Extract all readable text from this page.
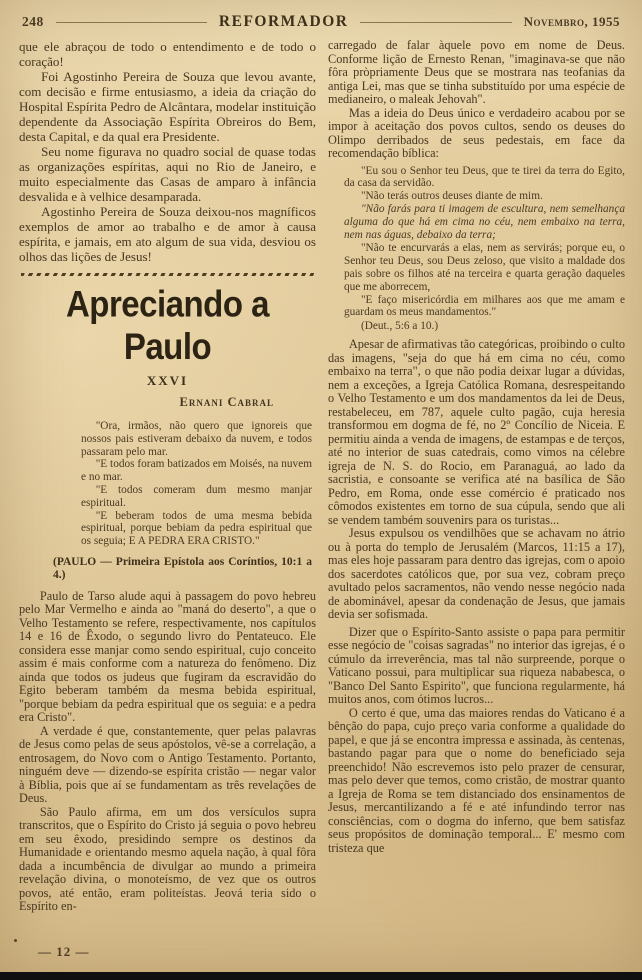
248	REFORMADOR	Novembro, 1955

que ele abraçou de todo o entendimento e de todo o coração!

Foi Agostinho Pereira de Souza que levou avante, com decisão e firme entusiasmo, a ideia da criação do Hospital Espírita Pedro de Alcântara, modelar instituição dependente da Associação Espírita Obreiros do Bem, desta Capital, e da qual era Presidente.

Seu nome figurava no quadro social de quase todas as organizações espíritas, aqui no Rio de Janeiro, e muito especialmente das Casas de amparo à infância desvalida e à velhice desamparada.

Agostinho Pereira de Souza deixou-nos magníficos exemplos de amor ao trabalho e de amor à causa espírita, e jamais, em ato algum de sua vida, desviou os olhos das lições de Jesus!

Apreciando a Paulo
XXVI
Ernani Cabral

"Ora, irmãos, não quero que ignoreis que nossos pais estiveram debaixo da nuvem, e todos passaram pelo mar.

"E todos foram batizados em Moisés, na nuvem e no mar.

"E todos comeram dum mesmo manjar espiritual.

"E beberam todos de uma mesma bebida espiritual, porque bebiam da pedra espiritual que os seguia; E A PEDRA ERA CRISTO."

(PAULO — Primeira Epístola aos Coríntios, 10:1 a 4.)

Paulo de Tarso alude aqui à passagem do povo hebreu pelo Mar Vermelho e ainda ao "maná do deserto", a que o Velho Testamento se refere, respectivamente, nos capítulos 14 e 16 de Êxodo, o segundo livro do Pentateuco. Ele considera esse manjar como sendo espiritual, cujo conceito assim é mais conforme com a natureza do fenômeno. Diz ainda que todos os judeus que fugiram da escravidão do Egito beberam também da mesma bebida espiritual, "porque bebiam da pedra espiritual que os seguia: e a pedra era Cristo".

A verdade é que, constantemente, quer pelas palavras de Jesus como pelas de seus apóstolos, vê-se a correlação, a entrosagem, do Novo com o Antigo Testamento. Portanto, ninguém deve — dizendo-se espírita cristão — negar valor à Bíblia, pois que aí se fundamentam as três revelações de Deus.

São Paulo afirma, em um dos versículos supra transcritos, que o Espírito do Cristo já seguia o povo hebreu em seu êxodo, presidindo sempre os destinos da Humanidade e orientando mesmo aquela nação, à qual fôra dada a incumbência de divulgar ao mundo a primeira revelação divina, o monoteísmo, de vez que os outros povos, até então, eram politeístas. Jeová teria sido o Espírito en-

carregado de falar àquele povo em nome de Deus. Conforme lição de Ernesto Renan, "imaginava-se que não fôra pròpriamente Deus que se mostrara nas teofanias da antiga Lei, mas que se tinha substituído por uma espécie de medianeiro, o maleak Jehovah".

Mas a ideia do Deus único e verdadeiro acabou por se impor à aceitação dos povos cultos, sendo os deuses do Olimpo derribados de seus pedestais, em face da recomendação bíblica:

"Eu sou o Senhor teu Deus, que te tirei da terra do Egito, da casa da servidão.

"Não terás outros deuses diante de mim.

"Não farás para ti imagem de escultura, nem semelhança alguma do que há em cima no céu, nem embaixo na terra, nem nas águas, debaixo da terra;

"Não te encurvarás a elas, nem as servirás; porque eu, o Senhor teu Deus, sou Deus zeloso, que visito a maldade dos pais sobre os filhos até na terceira e quarta geração daqueles que me aborrecem,

"E faço misericórdia em milhares aos que me amam e guardam os meus mandamentos."

(Deut., 5:6 a 10.)

Apesar de afirmativas tão categóricas, proibindo o culto das imagens, "seja do que há em cima no céu, como embaixo na terra", o que não podia deixar lugar a dúvidas, nem a exceções, a Igreja Católica Romana, desrespeitando o Velho Testamento e um dos mandamentos da lei de Deus, restabeleceu, em 787, aquele culto pagão, cuja heresia transformou em dogma de fé, no 2º Concílio de Niceia. E permitiu ainda a venda de imagens, de estampas e de terços, até no interior de suas catedrais, como vimos na célebre igreja de N. S. do Rocio, em Paranaguá, ao lado da sacristia, e consoante se verifica até na basílica de São Pedro, em Roma, onde esse comércio é praticado nos cômodos existentes em torno de sua cúpula, sendo que ali se vendem também souvenirs para os turistas...

Jesus expulsou os vendilhões que se achavam no átrio ou à porta do templo de Jerusalém (Marcos, 11:15 a 17), mas eles hoje passaram para dentro das igrejas, com o apoio dos sacerdotes católicos que, por sua vez, cobram preço avultado pelos sacramentos, não vendo nesse negócio nada de abominável, apesar da condenação de Jesus, que jamais devia ser sofismada.

Dizer que o Espírito-Santo assiste o papa para permitir esse negócio de "coisas sagradas" no interior das igrejas, é o cúmulo da irreverência, mas tal não surpreende, porque o Vaticano possui, para multiplicar sua riqueza nababesca, o "Banco Del Santo Espirito", que funciona regularmente, há muitos anos, com ótimos lucros...

O certo é que, uma das maiores rendas do Vaticano é a bênção do papa, cujo preço varia conforme a qualidade do papel, e que já se encontra impressa e assinada, às centenas, bastando pagar para que o nome do beneficiado seja preenchido! Não escrevemos isto pelo prazer de censurar, mas pelo dever que temos, como cristão, de mostrar quanto a Igreja de Roma se tem distanciado dos ensinamentos de Jesus, mercantilizando a fé e até infundindo terror nas consciências, com o dogma do inferno, que bem satisfaz seus propósitos de dominação temporal... E' mesmo com tristeza que

— 12 —
